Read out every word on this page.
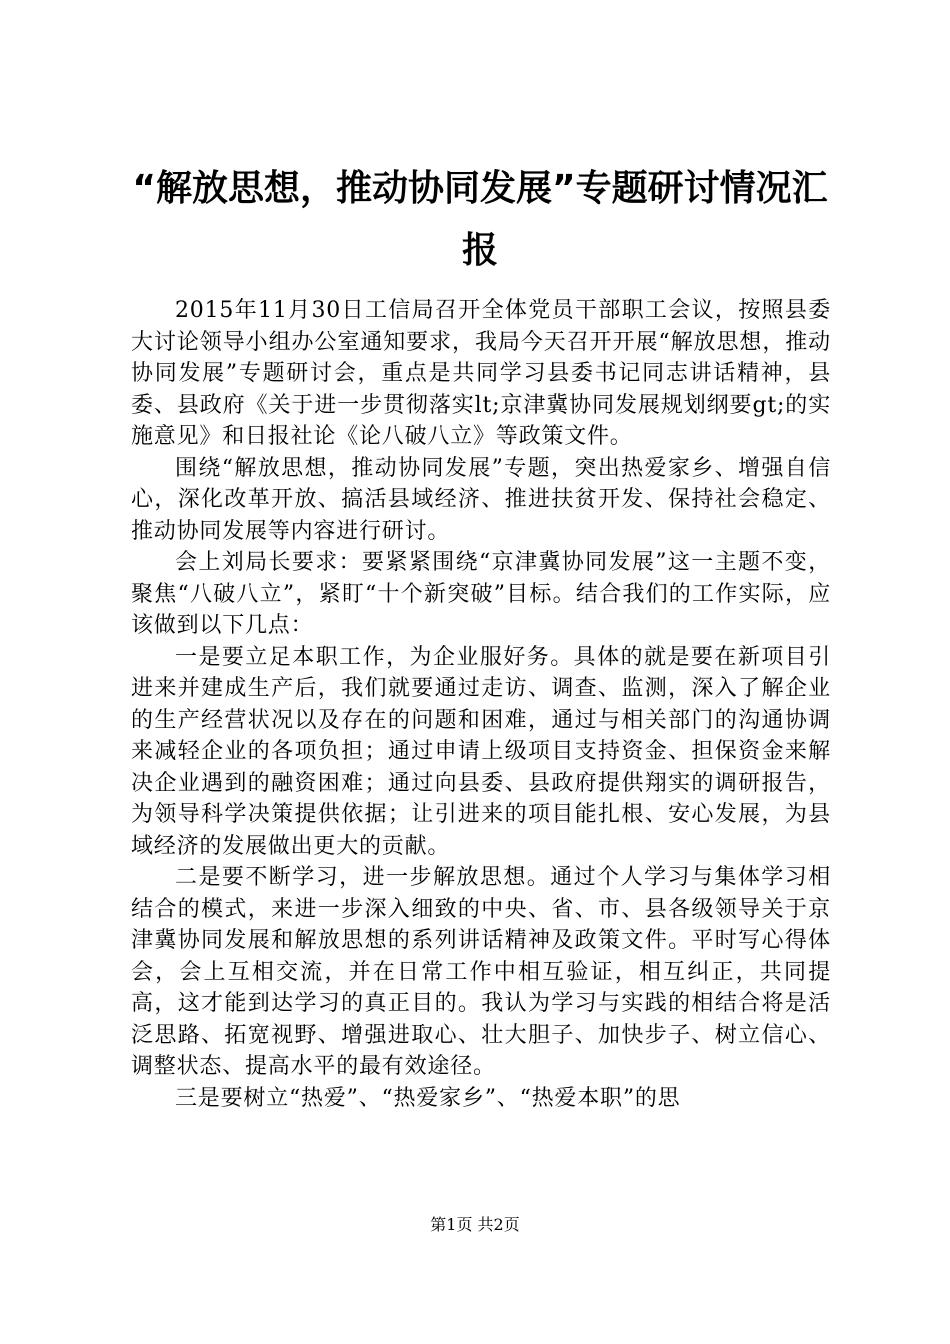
“解放思想，推动协同发展”专题研讨情况汇报

2015年11月30日工信局召开全体党员干部职工会议，按照县委大讨论领导小组办公室通知要求，我局今天召开开展“解放思想，推动协同发展”专题研讨会，重点是共同学习县委书记同志讲话精神，县委、县政府《关于进一步贯彻落实lt;京津冀协同发展规划纲要gt;的实施意见》和日报社论《论八破八立》等政策文件。

围绕“解放思想，推动协同发展”专题，突出热爱家乡、增强自信心，深化改革开放、搞活县域经济、推进扶贫开发、保持社会稳定、推动协同发展等内容进行研讨。

会上刘局长要求：要紧紧围绕“京津冀协同发展”这一主题不变，聚焦“八破八立”，紧盯“十个新突破”目标。结合我们的工作实际，应该做到以下几点：

一是要立足本职工作，为企业服好务。具体的就是要在新项目引进来并建成生产后，我们就要通过走访、调查、监测，深入了解企业的生产经营状况以及存在的问题和困难，通过与相关部门的沟通协调来减轻企业的各项负担；通过申请上级项目支持资金、担保资金来解决企业遇到的融资困难；通过向县委、县政府提供翔实的调研报告，为领导科学决策提供依据；让引进来的项目能扎根、安心发展，为县域经济的发展做出更大的贡献。

二是要不断学习，进一步解放思想。通过个人学习与集体学习相结合的模式，来进一步深入细致的中央、省、市、县各级领导关于京津冀协同发展和解放思想的系列讲话精神及政策文件。平时写心得体会，会上互相交流，并在日常工作中相互验证，相互纠正，共同提高，这才能到达学习的真正目的。我认为学习与实践的相结合将是活泛思路、拓宽视野、增强进取心、壮大胆子、加快步子、树立信心、调整状态、提高水平的最有效途径。

三是要树立“热爱”、“热爱家乡”、“热爱本职”的思

第1页 共2页
